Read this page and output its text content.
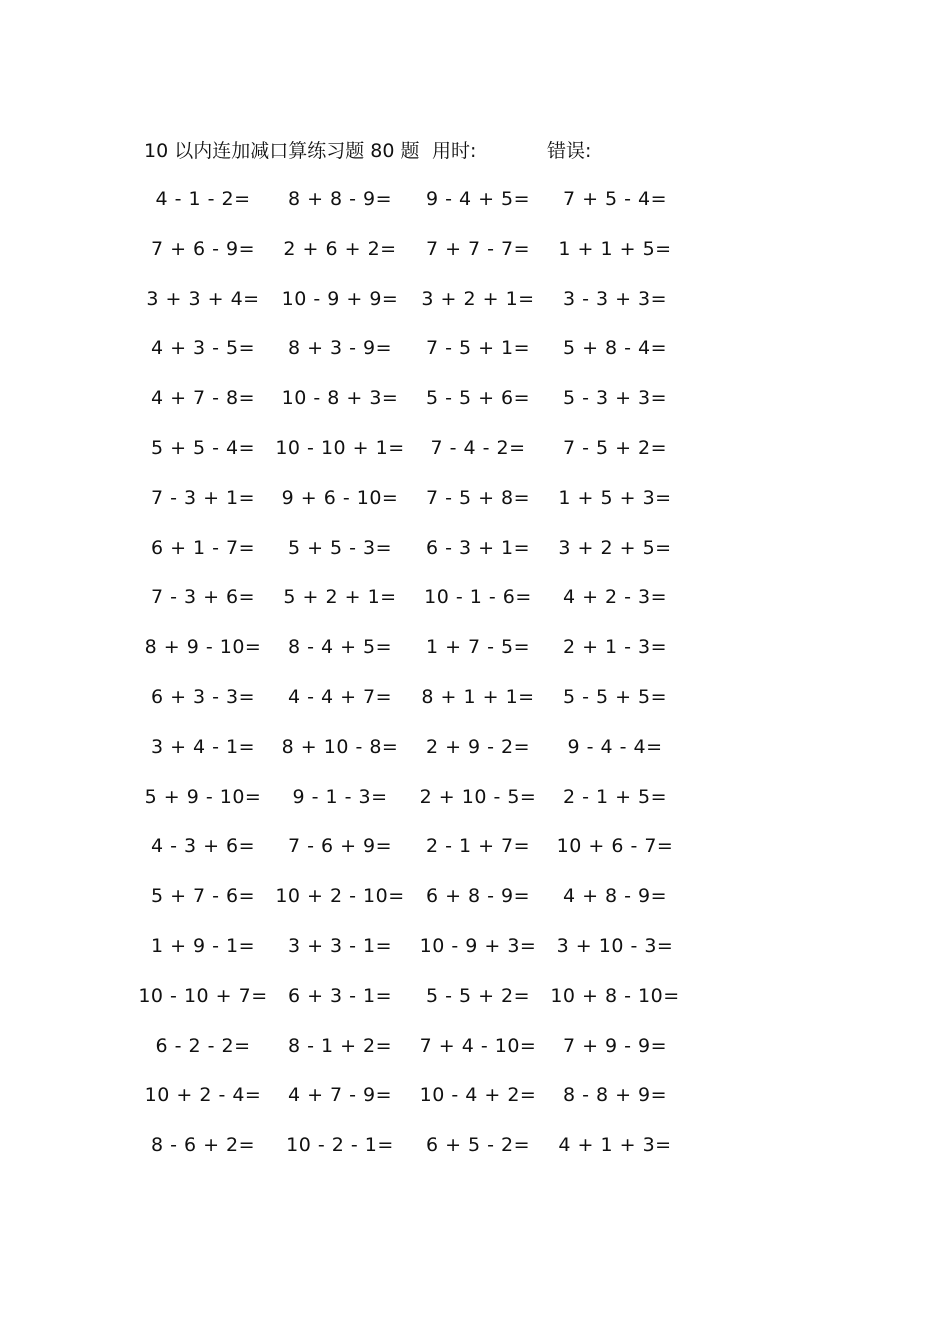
10 以内连加减口算练习题 80 题 用时:	错误:
4 - 1 - 2=	8 + 8 - 9=	9 - 4 + 5=	7 + 5 - 4=
7 + 6 - 9=	2 + 6 + 2=	7 + 7 - 7=	1 + 1 + 5=
3 + 3 + 4=	10 - 9 + 9=	3 + 2 + 1=	3 - 3 + 3=
4 + 3 - 5=	8 + 3 - 9=	7 - 5 + 1=	5 + 8 - 4=
4 + 7 - 8=	10 - 8 + 3=	5 - 5 + 6=	5 - 3 + 3=
5 + 5 - 4=	10 - 10 + 1=	7 - 4 - 2=	7 - 5 + 2=
7 - 3 + 1=	9 + 6 - 10=	7 - 5 + 8=	1 + 5 + 3=
6 + 1 - 7=	5 + 5 - 3=	6 - 3 + 1=	3 + 2 + 5=
7 - 3 + 6=	5 + 2 + 1=	10 - 1 - 6=	4 + 2 - 3=
8 + 9 - 10=	8 - 4 + 5=	1 + 7 - 5=	2 + 1 - 3=
6 + 3 - 3=	4 - 4 + 7=	8 + 1 + 1=	5 - 5 + 5=
3 + 4 - 1=	8 + 10 - 8=	2 + 9 - 2=	9 - 4 - 4=
5 + 9 - 10=	9 - 1 - 3=	2 + 10 - 5=	2 - 1 + 5=
4 - 3 + 6=	7 - 6 + 9=	2 - 1 + 7=	10 + 6 - 7=
5 + 7 - 6=	10 + 2 - 10=	6 + 8 - 9=	4 + 8 - 9=
1 + 9 - 1=	3 + 3 - 1=	10 - 9 + 3=	3 + 10 - 3=
10 - 10 + 7=	6 + 3 - 1=	5 - 5 + 2=	10 + 8 - 10=
6 - 2 - 2=	8 - 1 + 2=	7 + 4 - 10=	7 + 9 - 9=
10 + 2 - 4=	4 + 7 - 9=	10 - 4 + 2=	8 - 8 + 9=
8 - 6 + 2=	10 - 2 - 1=	6 + 5 - 2=	4 + 1 + 3=
